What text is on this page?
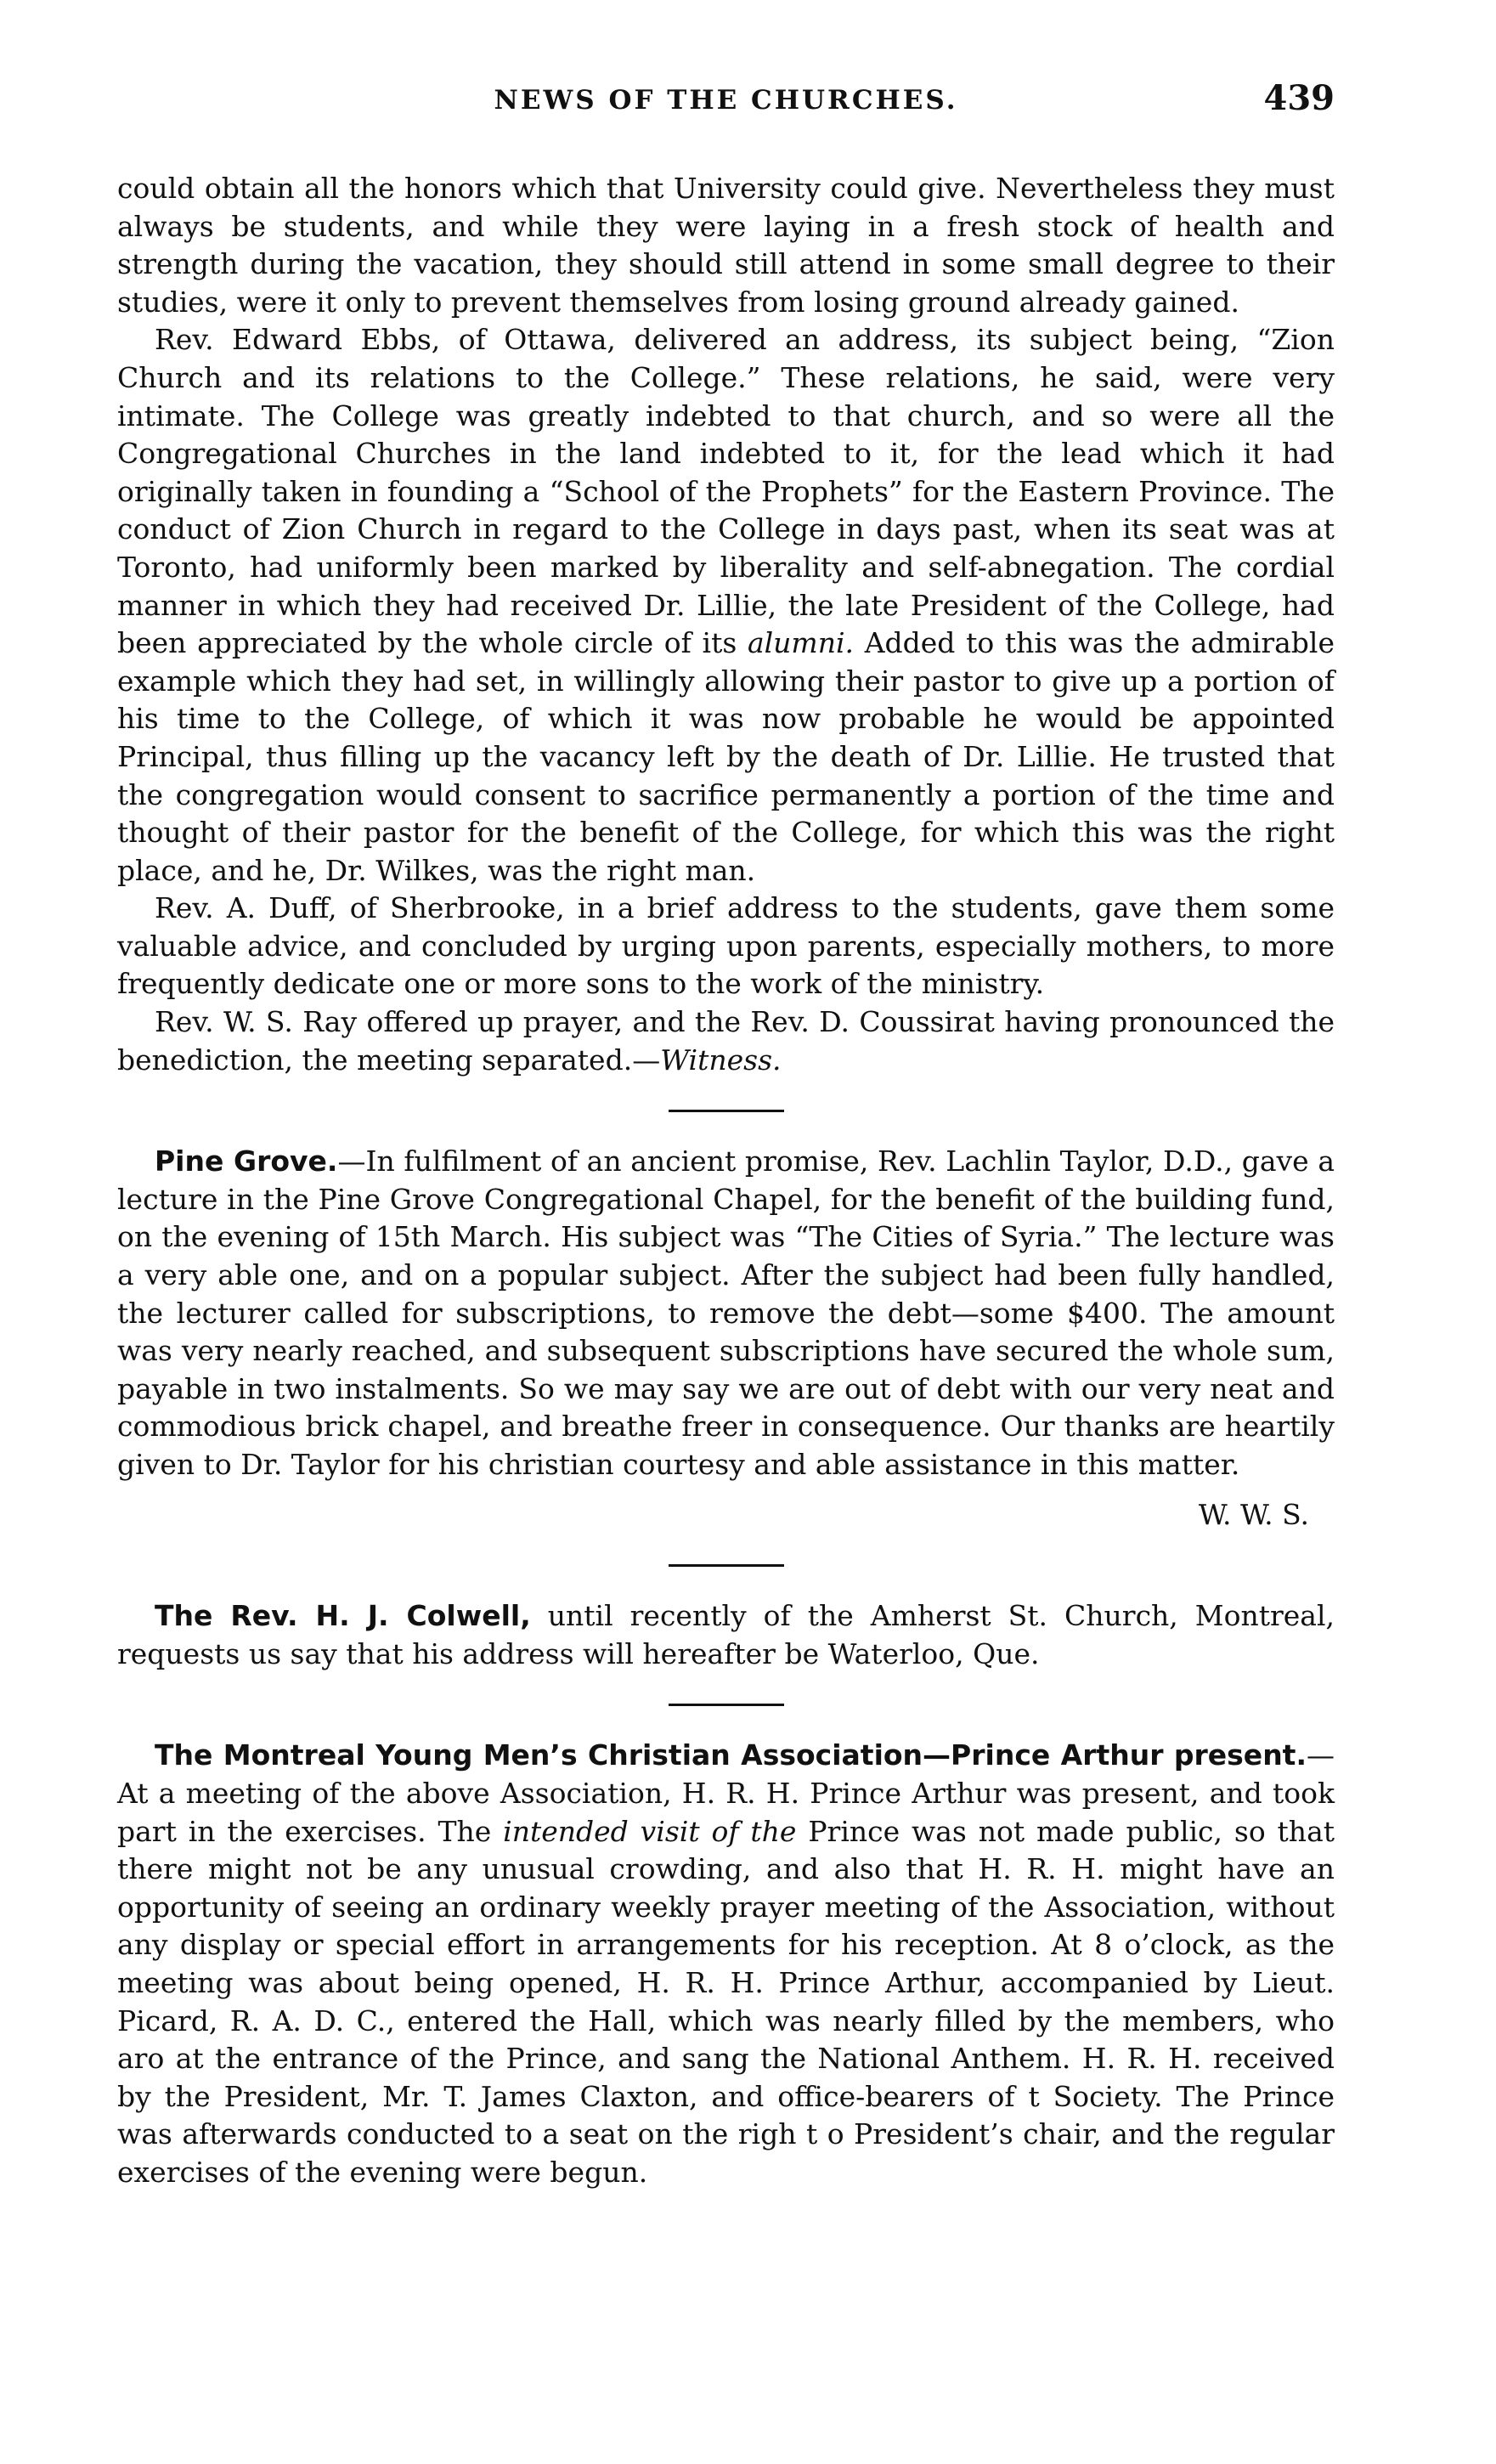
NEWS OF THE CHURCHES.	439

could obtain all the honors which that University could give. Nevertheless they must always be students, and while they were laying in a fresh stock of health and strength during the vacation, they should still attend in some small degree to their studies, were it only to prevent themselves from losing ground already gained.

Rev. Edward Ebbs, of Ottawa, delivered an address, its subject being, “Zion Church and its relations to the College.” These relations, he said, were very intimate. The College was greatly indebted to that church, and so were all the Congregational Churches in the land indebted to it, for the lead which it had originally taken in founding a “School of the Prophets” for the Eastern Province. The conduct of Zion Church in regard to the College in days past, when its seat was at Toronto, had uniformly been marked by liberality and self-abnegation. The cordial manner in which they had received Dr. Lillie, the late President of the College, had been appreciated by the whole circle of its alumni. Added to this was the admirable example which they had set, in willingly allowing their pastor to give up a portion of his time to the College, of which it was now probable he would be appointed Principal, thus filling up the vacancy left by the death of Dr. Lillie. He trusted that the congregation would consent to sacrifice permanently a portion of the time and thought of their pastor for the benefit of the College, for which this was the right place, and he, Dr. Wilkes, was the right man.

Rev. A. Duff, of Sherbrooke, in a brief address to the students, gave them some valuable advice, and concluded by urging upon parents, especially mothers, to more frequently dedicate one or more sons to the work of the ministry.

Rev. W. S. Ray offered up prayer, and the Rev. D. Coussirat having pronounced the benediction, the meeting separated.—Witness.

Pine Grove.—In fulfilment of an ancient promise, Rev. Lachlin Taylor, D.D., gave a lecture in the Pine Grove Congregational Chapel, for the benefit of the building fund, on the evening of 15th March. His subject was “The Cities of Syria.” The lecture was a very able one, and on a popular subject. After the subject had been fully handled, the lecturer called for subscriptions, to remove the debt—some $400. The amount was very nearly reached, and subsequent subscriptions have secured the whole sum, payable in two instalments. So we may say we are out of debt with our very neat and commodious brick chapel, and breathe freer in consequence. Our thanks are heartily given to Dr. Taylor for his christian courtesy and able assistance in this matter.

W. W. S.

The Rev. H. J. Colwell, until recently of the Amherst St. Church, Montreal, requests us say that his address will hereafter be Waterloo, Que.

The Montreal Young Men’s Christian Association—Prince Arthur present.—At a meeting of the above Association, H. R. H. Prince Arthur was present, and took part in the exercises. The intended visit of the Prince was not made public, so that there might not be any unusual crowding, and also that H. R. H. might have an opportunity of seeing an ordinary weekly prayer meeting of the Association, without any display or special effort in arrangements for his reception. At 8 o’clock, as the meeting was about being opened, H. R. H. Prince Arthur, accompanied by Lieut. Picard, R. A. D. C., entered the Hall, which was nearly filled by the members, who aro at the entrance of the Prince, and sang the National Anthem. H. R. H. received by the President, Mr. T. James Claxton, and office-bearers of t Society. The Prince was afterwards conducted to a seat on the righ t o President’s chair, and the regular exercises of the evening were begun.
